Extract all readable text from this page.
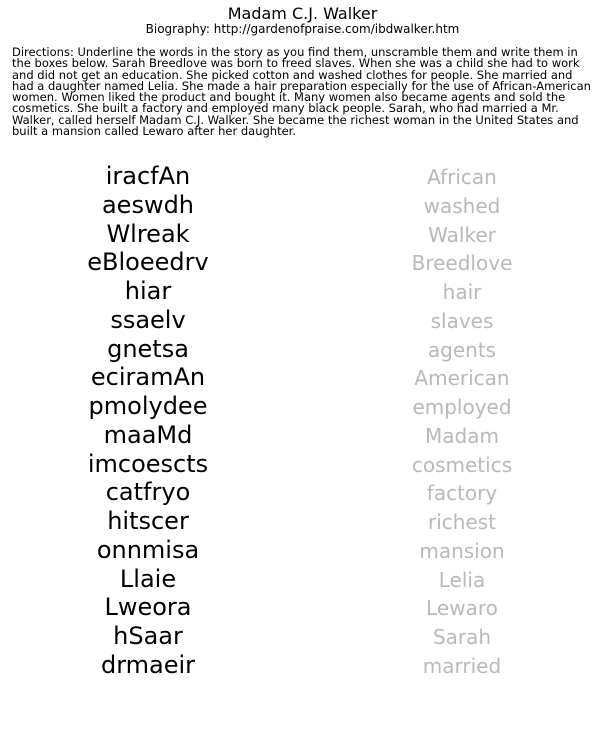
Madam C.J. Walker
Biography: http://gardenofpraise.com/ibdwalker.htm

Directions: Underline the words in the story as you find them, unscramble them and write them in the boxes below. Sarah Breedlove was born to freed slaves. When she was a child she had to work and did not get an education. She picked cotton and washed clothes for people. She married and had a daughter named Lelia. She made a hair preparation especially for the use of African-American women. Women liked the product and bought it. Many women also became agents and sold the cosmetics. She built a factory and employed many black people. Sarah, who had married a Mr. Walker, called herself Madam C.J. Walker. She became the richest woman in the United States and built a mansion called Lewaro after her daughter.

iracfAn	African
aeswdh	washed
Wlreak	Walker
eBloeedrv	Breedlove
hiar	hair
ssaelv	slaves
gnetsa	agents
eciramAn	American
pmolydee	employed
maaMd	Madam
imcoescts	cosmetics
catfryo	factory
hitscer	richest
onnmisa	mansion
Llaie	Lelia
Lweora	Lewaro
hSaar	Sarah
drmaeir	married
